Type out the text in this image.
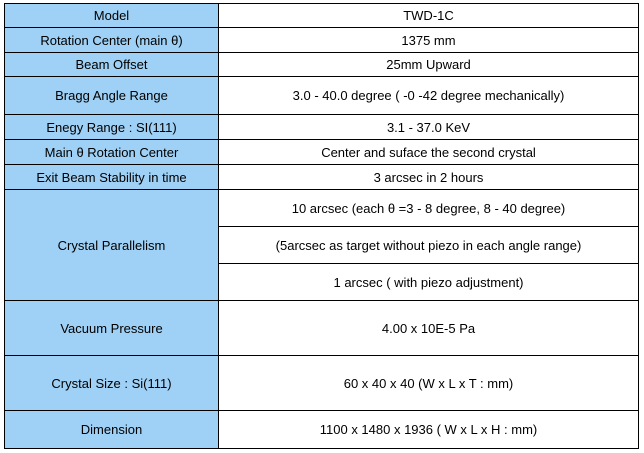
Model	TWD-1C
Rotation Center (main θ)	1375 mm
Beam Offset	25mm Upward
Bragg Angle Range	3.0 - 40.0 degree ( -0 -42 degree mechanically)
Enegy Range : SI(111)	3.1 - 37.0 KeV
Main θ Rotation Center	Center and suface the second crystal
Exit Beam Stability in time	3 arcsec in 2 hours
Crystal Parallelism	10 arcsec (each θ =3 - 8 degree, 8 - 40 degree)
	(5arcsec as target without piezo in each angle range)
	1 arcsec ( with piezo adjustment)
Vacuum Pressure	4.00 x 10E-5 Pa
Crystal Size : Si(111)	60 x 40 x 40 (W x L x T : mm)
Dimension	1100 x 1480 x 1936 ( W x L x H : mm)
